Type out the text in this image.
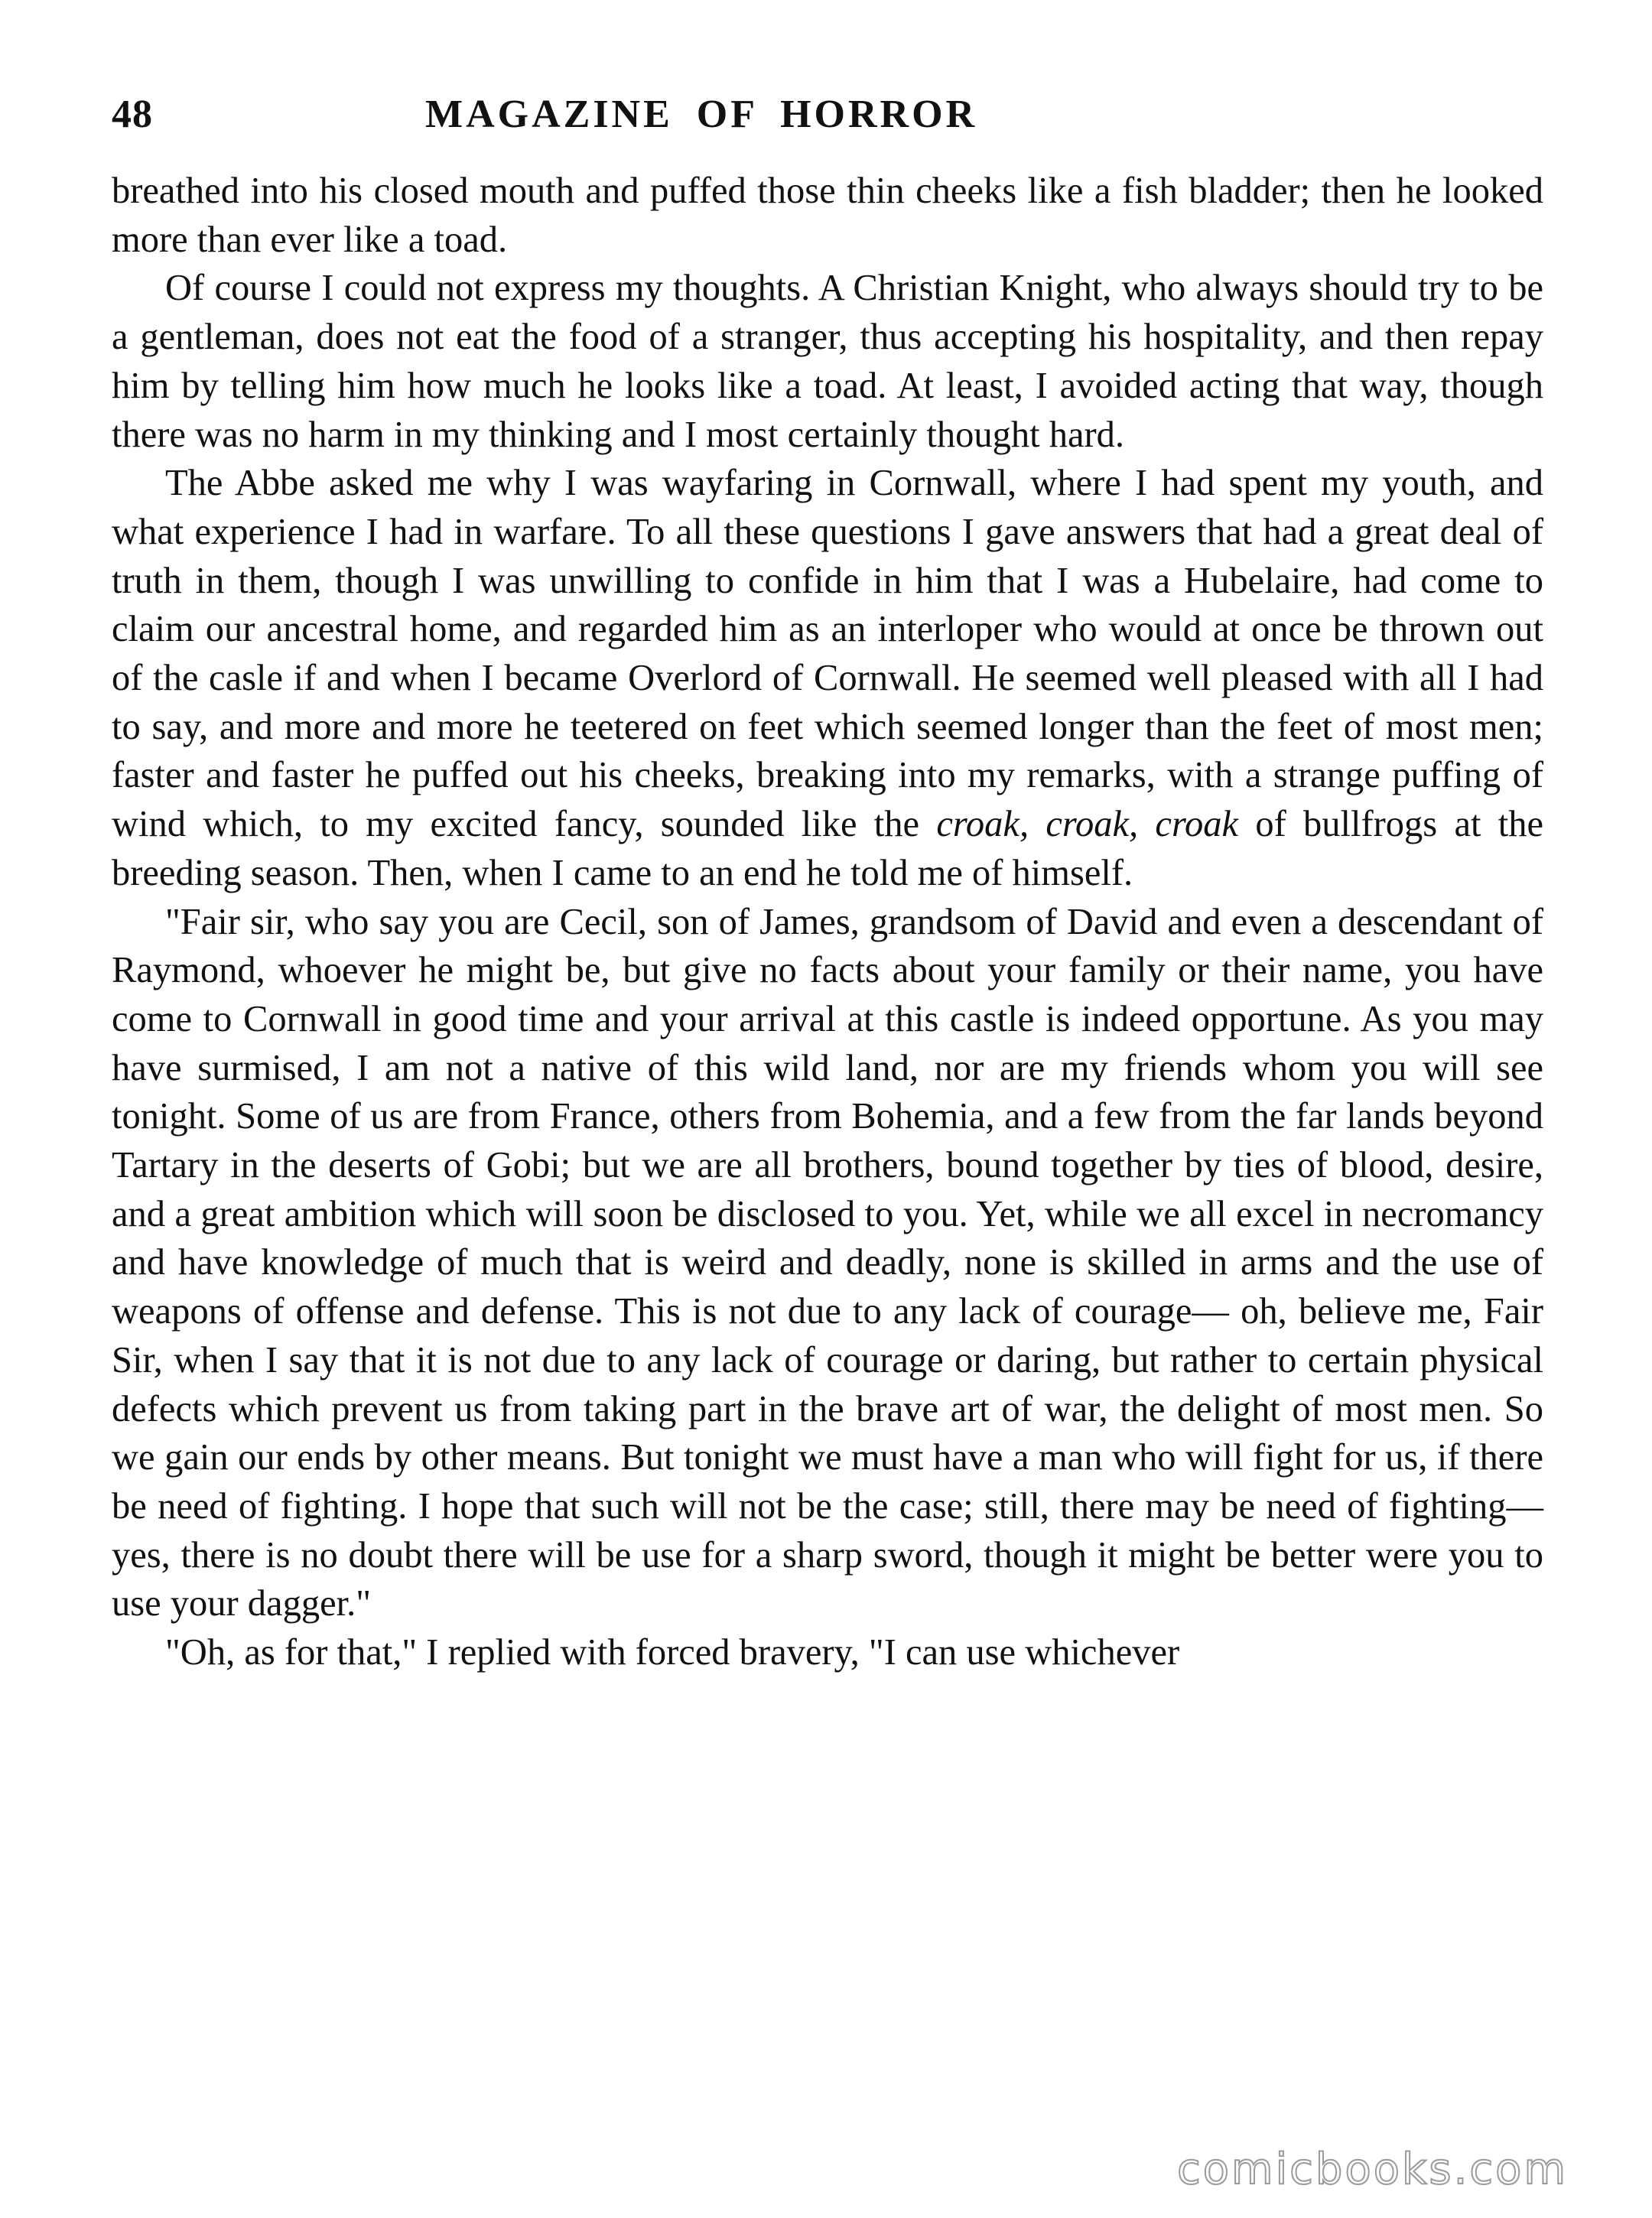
48	MAGAZINE OF HORROR

breathed into his closed mouth and puffed those thin cheeks like a fish bladder; then he looked more than ever like a toad.

Of course I could not express my thoughts. A Christian Knight, who always should try to be a gentleman, does not eat the food of a stranger, thus accepting his hospitality, and then repay him by telling him how much he looks like a toad. At least, I avoided acting that way, though there was no harm in my thinking and I most certainly thought hard.

The Abbe asked me why I was wayfaring in Cornwall, where I had spent my youth, and what experience I had in warfare. To all these questions I gave answers that had a great deal of truth in them, though I was unwilling to confide in him that I was a Hubelaire, had come to claim our ancestral home, and regarded him as an interloper who would at once be thrown out of the casle if and when I became Overlord of Cornwall. He seemed well pleased with all I had to say, and more and more he teetered on feet which seemed longer than the feet of most men; faster and faster he puffed out his cheeks, breaking into my remarks, with a strange puffing of wind which, to my excited fancy, sounded like the croak, croak, croak of bullfrogs at the breeding season. Then, when I came to an end he told me of himself.

"Fair sir, who say you are Cecil, son of James, grandsom of David and even a descendant of Raymond, whoever he might be, but give no facts about your family or their name, you have come to Cornwall in good time and your arrival at this castle is indeed opportune. As you may have surmised, I am not a native of this wild land, nor are my friends whom you will see tonight. Some of us are from France, others from Bohemia, and a few from the far lands beyond Tartary in the deserts of Gobi; but we are all brothers, bound together by ties of blood, desire, and a great ambition which will soon be disclosed to you. Yet, while we all excel in necromancy and have knowledge of much that is weird and deadly, none is skilled in arms and the use of weapons of offense and defense. This is not due to any lack of courage— oh, believe me, Fair Sir, when I say that it is not due to any lack of courage or daring, but rather to certain physical defects which prevent us from taking part in the brave art of war, the delight of most men. So we gain our ends by other means. But tonight we must have a man who will fight for us, if there be need of fighting. I hope that such will not be the case; still, there may be need of fighting— yes, there is no doubt there will be use for a sharp sword, though it might be better were you to use your dagger."

"Oh, as for that," I replied with forced bravery, "I can use whichever

comicbooks.com
